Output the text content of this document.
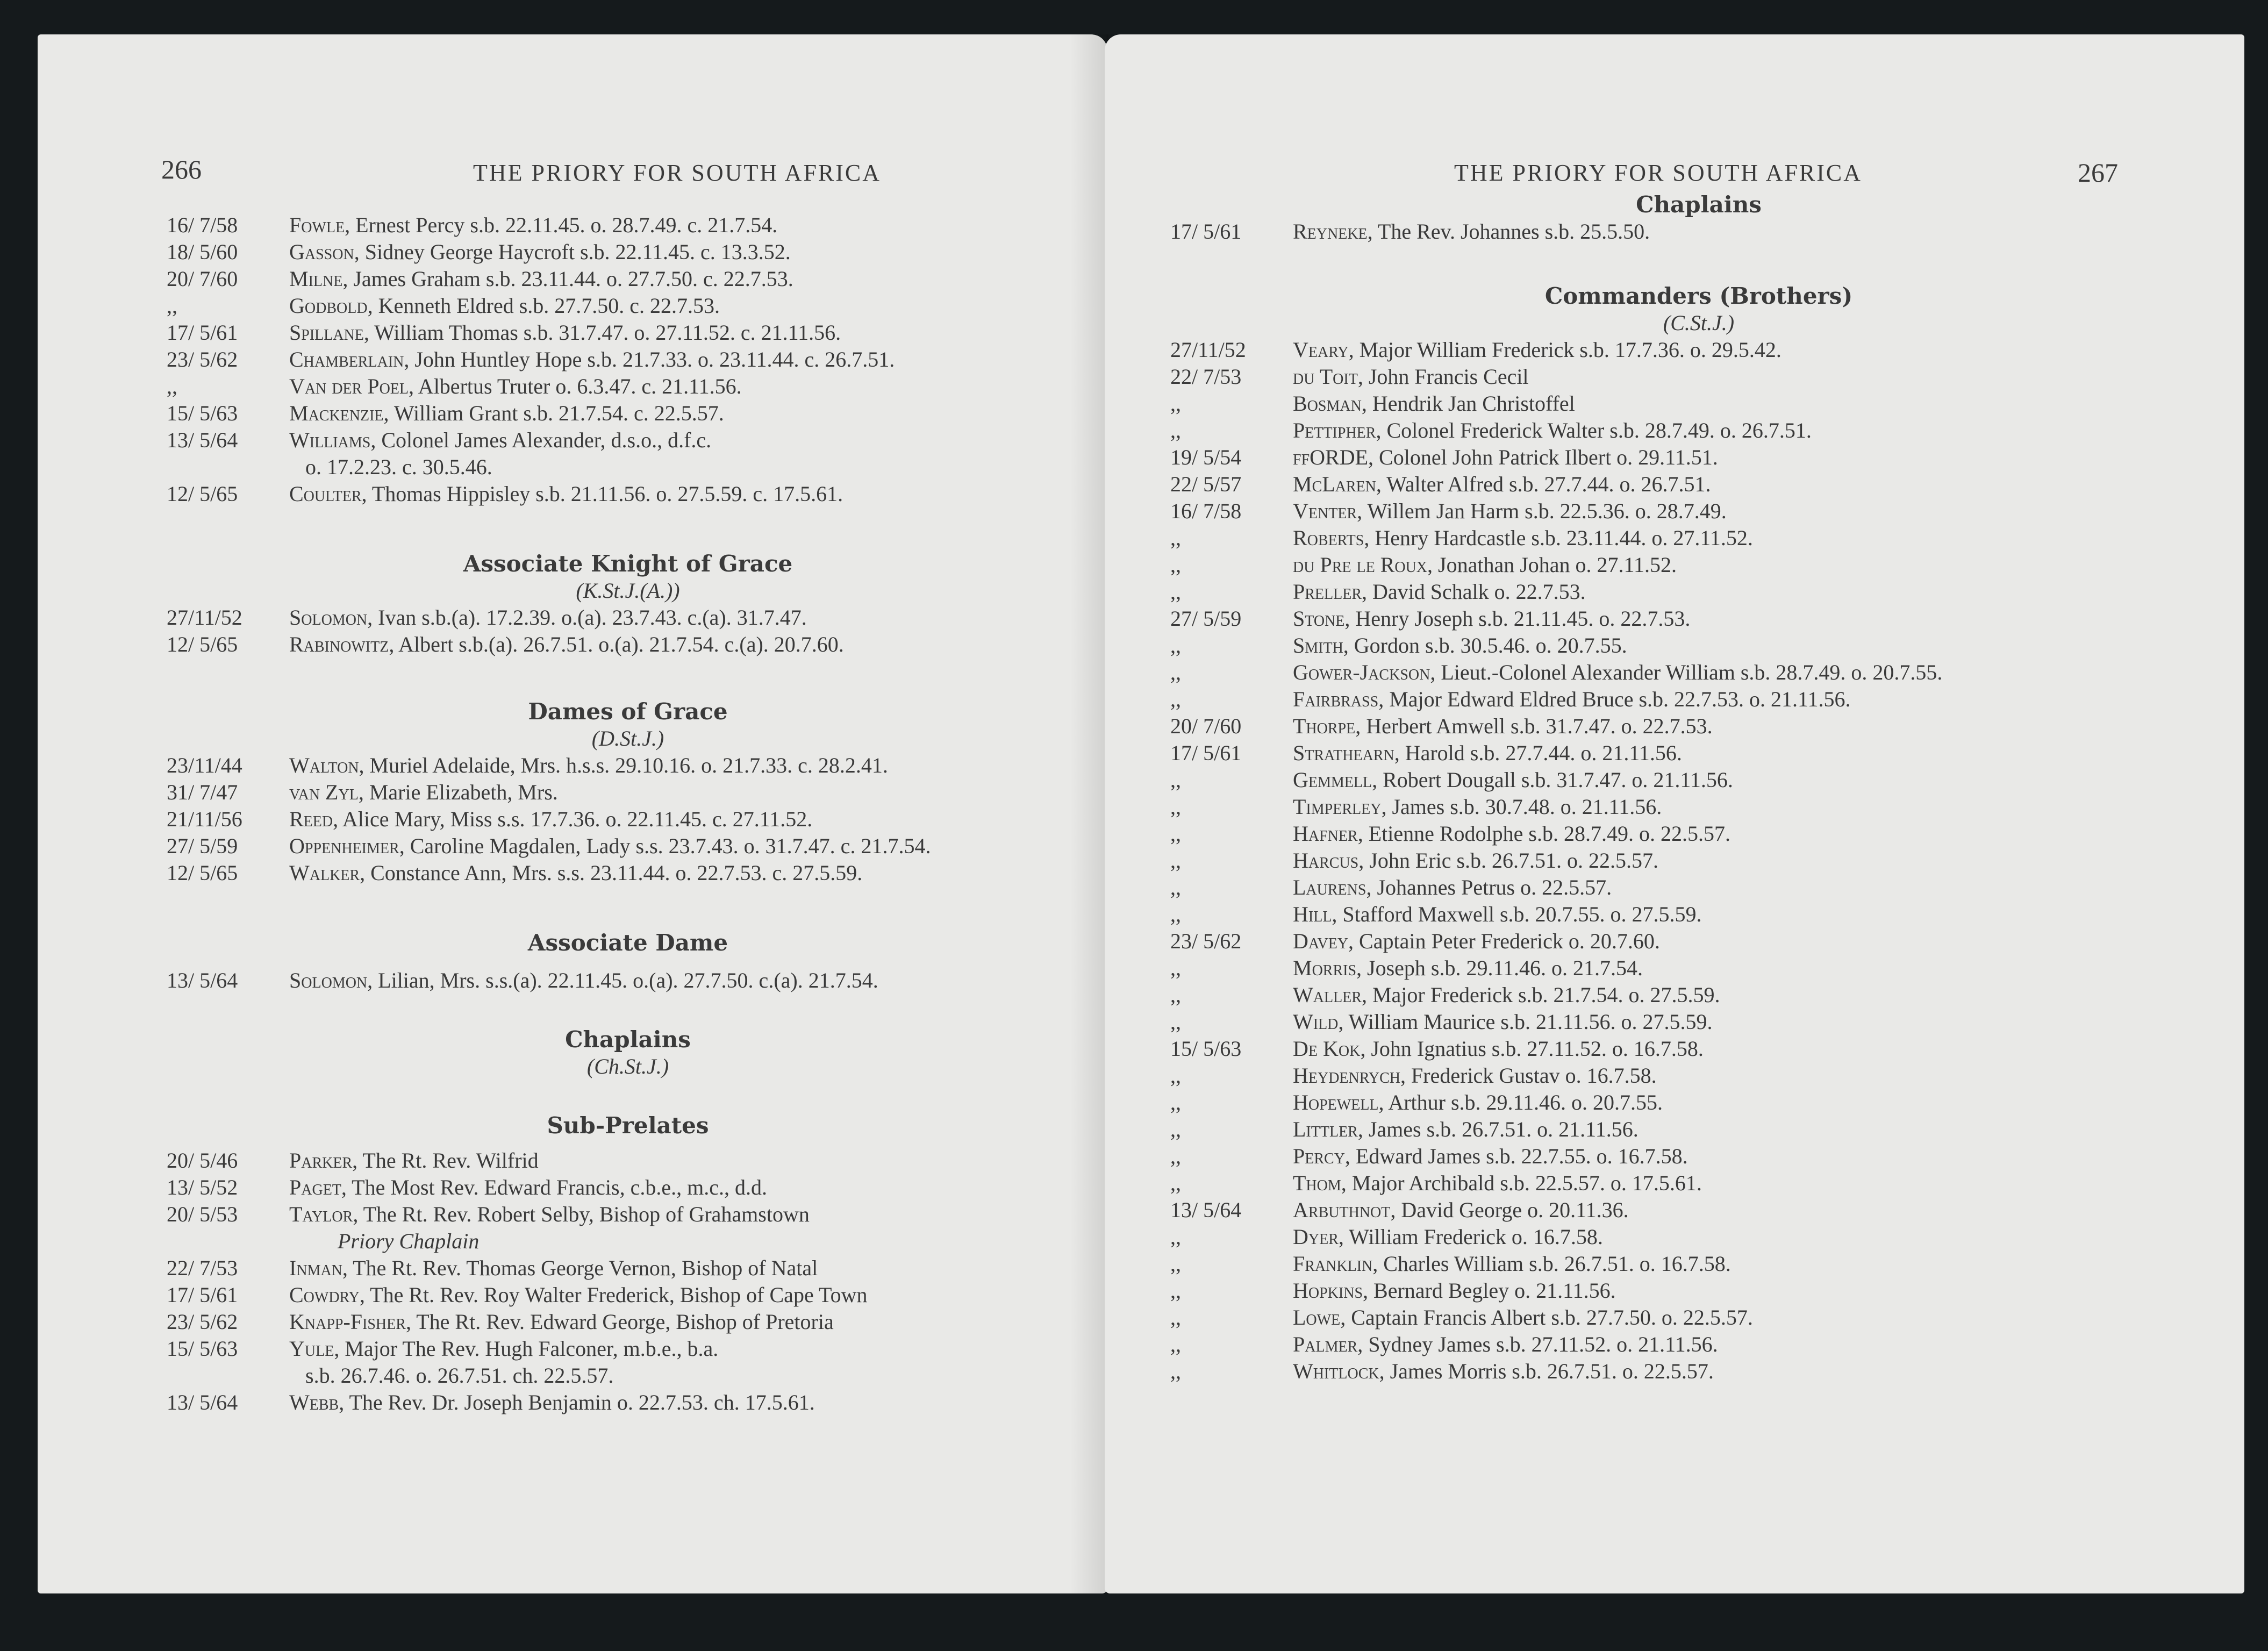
266	THE PRIORY FOR SOUTH AFRICA
16/ 7/58	Fowle, Ernest Percy s.b. 22.11.45. o. 28.7.49. c. 21.7.54.
18/ 5/60	Gasson, Sidney George Haycroft s.b. 22.11.45. c. 13.3.52.
20/ 7/60	Milne, James Graham s.b. 23.11.44. o. 27.7.50. c. 22.7.53.
,,	Godbold, Kenneth Eldred s.b. 27.7.50. c. 22.7.53.
17/ 5/61	Spillane, William Thomas s.b. 31.7.47. o. 27.11.52. c. 21.11.56.
23/ 5/62	Chamberlain, John Huntley Hope s.b. 21.7.33. o. 23.11.44. c. 26.7.51.
,,	Van der Poel, Albertus Truter o. 6.3.47. c. 21.11.56.
15/ 5/63	Mackenzie, William Grant s.b. 21.7.54. c. 22.5.57.
13/ 5/64	Williams, Colonel James Alexander, d.s.o., d.f.c.
o. 17.2.23. c. 30.5.46.
12/ 5/65	Coulter, Thomas Hippisley s.b. 21.11.56. o. 27.5.59. c. 17.5.61.
Associate Knight of Grace
(K.St.J.(A.))
27/11/52	Solomon, Ivan s.b.(a). 17.2.39. o.(a). 23.7.43. c.(a). 31.7.47.
12/ 5/65	Rabinowitz, Albert s.b.(a). 26.7.51. o.(a). 21.7.54. c.(a). 20.7.60.
Dames of Grace
(D.St.J.)
23/11/44	Walton, Muriel Adelaide, Mrs. h.s.s. 29.10.16. o. 21.7.33. c. 28.2.41.
31/ 7/47	van Zyl, Marie Elizabeth, Mrs.
21/11/56	Reed, Alice Mary, Miss s.s. 17.7.36. o. 22.11.45. c. 27.11.52.
27/ 5/59	Oppenheimer, Caroline Magdalen, Lady s.s. 23.7.43. o. 31.7.47. c. 21.7.54.
12/ 5/65	Walker, Constance Ann, Mrs. s.s. 23.11.44. o. 22.7.53. c. 27.5.59.
Associate Dame
13/ 5/64	Solomon, Lilian, Mrs. s.s.(a). 22.11.45. o.(a). 27.7.50. c.(a). 21.7.54.
Chaplains
(Ch.St.J.)
Sub-Prelates
20/ 5/46	Parker, The Rt. Rev. Wilfrid
13/ 5/52	Paget, The Most Rev. Edward Francis, c.b.e., m.c., d.d.
20/ 5/53	Taylor, The Rt. Rev. Robert Selby, Bishop of Grahamstown
Priory Chaplain
22/ 7/53	Inman, The Rt. Rev. Thomas George Vernon, Bishop of Natal
17/ 5/61	Cowdry, The Rt. Rev. Roy Walter Frederick, Bishop of Cape Town
23/ 5/62	Knapp-Fisher, The Rt. Rev. Edward George, Bishop of Pretoria
15/ 5/63	Yule, Major The Rev. Hugh Falconer, m.b.e., b.a.
s.b. 26.7.46. o. 26.7.51. ch. 22.5.57.
13/ 5/64	Webb, The Rev. Dr. Joseph Benjamin o. 22.7.53. ch. 17.5.61.
THE PRIORY FOR SOUTH AFRICA	267
Chaplains
17/ 5/61	Reyneke, The Rev. Johannes s.b. 25.5.50.
Commanders (Brothers)
(C.St.J.)
27/11/52	Veary, Major William Frederick s.b. 17.7.36. o. 29.5.42.
22/ 7/53	du Toit, John Francis Cecil
,,	Bosman, Hendrik Jan Christoffel
,,	Pettipher, Colonel Frederick Walter s.b. 28.7.49. o. 26.7.51.
19/ 5/54	ffORDE, Colonel John Patrick Ilbert o. 29.11.51.
22/ 5/57	McLaren, Walter Alfred s.b. 27.7.44. o. 26.7.51.
16/ 7/58	Venter, Willem Jan Harm s.b. 22.5.36. o. 28.7.49.
,,	Roberts, Henry Hardcastle s.b. 23.11.44. o. 27.11.52.
,,	du Pre le Roux, Jonathan Johan o. 27.11.52.
,,	Preller, David Schalk o. 22.7.53.
27/ 5/59	Stone, Henry Joseph s.b. 21.11.45. o. 22.7.53.
,,	Smith, Gordon s.b. 30.5.46. o. 20.7.55.
,,	Gower-Jackson, Lieut.-Colonel Alexander William s.b. 28.7.49. o. 20.7.55.
,,	Fairbrass, Major Edward Eldred Bruce s.b. 22.7.53. o. 21.11.56.
20/ 7/60	Thorpe, Herbert Amwell s.b. 31.7.47. o. 22.7.53.
17/ 5/61	Strathearn, Harold s.b. 27.7.44. o. 21.11.56.
,,	Gemmell, Robert Dougall s.b. 31.7.47. o. 21.11.56.
,,	Timperley, James s.b. 30.7.48. o. 21.11.56.
,,	Hafner, Etienne Rodolphe s.b. 28.7.49. o. 22.5.57.
,,	Harcus, John Eric s.b. 26.7.51. o. 22.5.57.
,,	Laurens, Johannes Petrus o. 22.5.57.
,,	Hill, Stafford Maxwell s.b. 20.7.55. o. 27.5.59.
23/ 5/62	Davey, Captain Peter Frederick o. 20.7.60.
,,	Morris, Joseph s.b. 29.11.46. o. 21.7.54.
,,	Waller, Major Frederick s.b. 21.7.54. o. 27.5.59.
,,	Wild, William Maurice s.b. 21.11.56. o. 27.5.59.
15/ 5/63	De Kok, John Ignatius s.b. 27.11.52. o. 16.7.58.
,,	Heydenrych, Frederick Gustav o. 16.7.58.
,,	Hopewell, Arthur s.b. 29.11.46. o. 20.7.55.
,,	Littler, James s.b. 26.7.51. o. 21.11.56.
,,	Percy, Edward James s.b. 22.7.55. o. 16.7.58.
,,	Thom, Major Archibald s.b. 22.5.57. o. 17.5.61.
13/ 5/64	Arbuthnot, David George o. 20.11.36.
,,	Dyer, William Frederick o. 16.7.58.
,,	Franklin, Charles William s.b. 26.7.51. o. 16.7.58.
,,	Hopkins, Bernard Begley o. 21.11.56.
,,	Lowe, Captain Francis Albert s.b. 27.7.50. o. 22.5.57.
,,	Palmer, Sydney James s.b. 27.11.52. o. 21.11.56.
,,	Whitlock, James Morris s.b. 26.7.51. o. 22.5.57.
